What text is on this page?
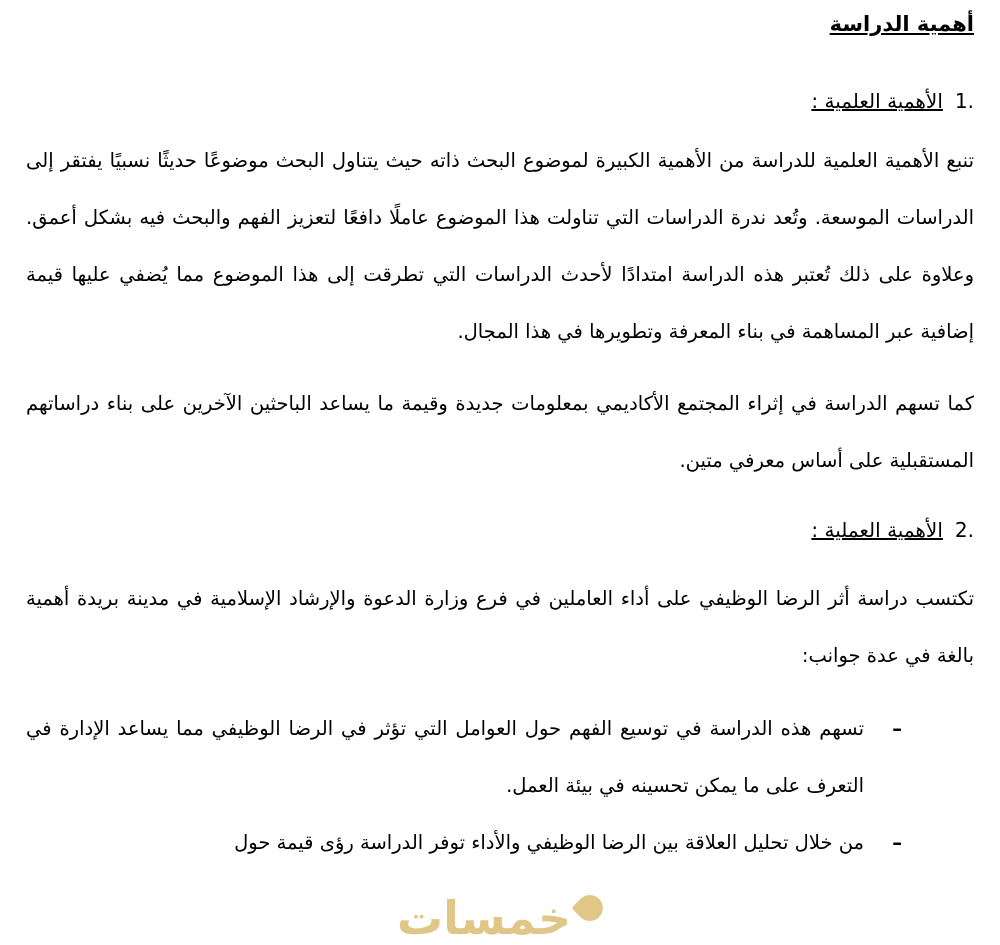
خمسات
أهمية الدراسة
1.الأهمية العلمية :

تنبع الأهمية العلمية للدراسة من الأهمية الكبيرة لموضوع البحث ذاته حيث يتناول البحث موضوعًا حديثًا نسبيًا يفتقر إلى الدراسات الموسعة. وتُعد ندرة الدراسات التي تناولت هذا الموضوع عاملًا دافعًا لتعزيز الفهم والبحث فيه بشكل أعمق. وعلاوة على ذلك تُعتبر هذه الدراسة امتدادًا لأحدث الدراسات التي تطرقت إلى هذا الموضوع مما يُضفي عليها قيمة إضافية عبر المساهمة في بناء المعرفة وتطويرها في هذا المجال.

كما تسهم الدراسة في إثراء المجتمع الأكاديمي بمعلومات جديدة وقيمة ما يساعد الباحثين الآخرين على بناء دراساتهم المستقبلية على أساس معرفي متين.

2.الأهمية العملية :

تكتسب دراسة أثر الرضا الوظيفي على أداء العاملين في فرع وزارة الدعوة والإرشاد الإسلامية في مدينة بريدة أهمية بالغة في عدة جوانب:

–
تسهم هذه الدراسة في توسيع الفهم حول العوامل التي تؤثر في الرضا الوظيفي مما يساعد الإدارة في التعرف على ما يمكن تحسينه في بيئة العمل.
–
من خلال تحليل العلاقة بين الرضا الوظيفي والأداء توفر الدراسة رؤى قيمة حول
